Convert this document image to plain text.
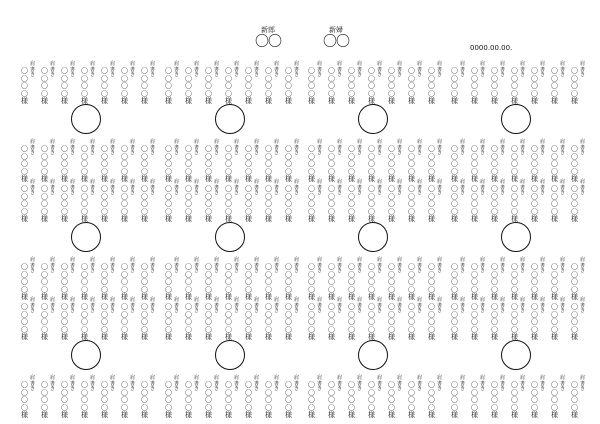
新郎
〇〇
新婦
〇〇	0000.00.00.
肩書き
〇〇〇〇様
肩書き
〇〇〇〇様
肩書き
〇〇〇〇様
肩書き
〇〇〇〇様
肩書き
〇〇〇〇様
肩書き
〇〇〇〇様
肩書き
〇〇〇〇様
肩書き
〇〇〇〇様
肩書き
〇〇〇〇様
肩書き
〇〇〇〇様
肩書き
〇〇〇〇様
肩書き
〇〇〇〇様
肩書き
〇〇〇〇様
肩書き
〇〇〇〇様
肩書き
〇〇〇〇様
肩書き
〇〇〇〇様
肩書き
〇〇〇〇様
肩書き
〇〇〇〇様
肩書き
〇〇〇〇様
肩書き
〇〇〇〇様
肩書き
〇〇〇〇様
肩書き
〇〇〇〇様
肩書き
〇〇〇〇様
肩書き
〇〇〇〇様
肩書き
〇〇〇〇様
肩書き
〇〇〇〇様
肩書き
〇〇〇〇様
肩書き
〇〇〇〇様
肩書き
〇〇〇〇様
肩書き
〇〇〇〇様
肩書き
〇〇〇〇様
肩書き
〇〇〇〇様
肩書き
〇〇〇〇様
肩書き
〇〇〇〇様
肩書き
〇〇〇〇様
肩書き
〇〇〇〇様
肩書き
〇〇〇〇様
肩書き
〇〇〇〇様
肩書き
〇〇〇〇様
肩書き
〇〇〇〇様
肩書き
〇〇〇〇様
肩書き
〇〇〇〇様
肩書き
〇〇〇〇様
肩書き
〇〇〇〇様
肩書き
〇〇〇〇様
肩書き
〇〇〇〇様
肩書き
〇〇〇〇様
肩書き
〇〇〇〇様
肩書き
〇〇〇〇様
肩書き
〇〇〇〇様
肩書き
〇〇〇〇様
肩書き
〇〇〇〇様
肩書き
〇〇〇〇様
肩書き
〇〇〇〇様
肩書き
〇〇〇〇様
肩書き
〇〇〇〇様
肩書き
〇〇〇〇様
肩書き
〇〇〇〇様
肩書き
〇〇〇〇様
肩書き
〇〇〇〇様
肩書き
〇〇〇〇様
肩書き
〇〇〇〇様
肩書き
〇〇〇〇様
肩書き
〇〇〇〇様
肩書き
〇〇〇〇様
肩書き
〇〇〇〇様
肩書き
〇〇〇〇様
肩書き
〇〇〇〇様
肩書き
〇〇〇〇様
肩書き
〇〇〇〇様
肩書き
〇〇〇〇様
肩書き
〇〇〇〇様
肩書き
〇〇〇〇様
肩書き
〇〇〇〇様
肩書き
〇〇〇〇様
肩書き
〇〇〇〇様
肩書き
〇〇〇〇様
肩書き
〇〇〇〇様
肩書き
〇〇〇〇様
肩書き
〇〇〇〇様
肩書き
〇〇〇〇様
肩書き
〇〇〇〇様
肩書き
〇〇〇〇様
肩書き
〇〇〇〇様
肩書き
〇〇〇〇様
肩書き
〇〇〇〇様
肩書き
〇〇〇〇様
肩書き
〇〇〇〇様
肩書き
〇〇〇〇様
肩書き
〇〇〇〇様
肩書き
〇〇〇〇様
肩書き
〇〇〇〇様
肩書き
〇〇〇〇様
肩書き
〇〇〇〇様
肩書き
〇〇〇〇様
肩書き
〇〇〇〇様
肩書き
〇〇〇〇様
肩書き
〇〇〇〇様
肩書き
〇〇〇〇様
肩書き
〇〇〇〇様
肩書き
〇〇〇〇様
肩書き
〇〇〇〇様
肩書き
〇〇〇〇様
肩書き
〇〇〇〇様
肩書き
〇〇〇〇様
肩書き
〇〇〇〇様
肩書き
〇〇〇〇様
肩書き
〇〇〇〇様
肩書き
〇〇〇〇様
肩書き
〇〇〇〇様
肩書き
〇〇〇〇様
肩書き
〇〇〇〇様
肩書き
〇〇〇〇様
肩書き
〇〇〇〇様
肩書き
〇〇〇〇様
肩書き
〇〇〇〇様
肩書き
〇〇〇〇様
肩書き
〇〇〇〇様
肩書き
〇〇〇〇様
肩書き
〇〇〇〇様
肩書き
〇〇〇〇様
肩書き
〇〇〇〇様
肩書き
〇〇〇〇様
肩書き
〇〇〇〇様
肩書き
〇〇〇〇様
肩書き
〇〇〇〇様
肩書き
〇〇〇〇様
肩書き
〇〇〇〇様
肩書き
〇〇〇〇様
肩書き
〇〇〇〇様
肩書き
〇〇〇〇様
肩書き
〇〇〇〇様
肩書き
〇〇〇〇様
肩書き
〇〇〇〇様
肩書き
〇〇〇〇様
肩書き
〇〇〇〇様
肩書き
〇〇〇〇様
肩書き
〇〇〇〇様
肩書き
〇〇〇〇様
肩書き
〇〇〇〇様
肩書き
〇〇〇〇様
肩書き
〇〇〇〇様
肩書き
〇〇〇〇様
肩書き
〇〇〇〇様
肩書き
〇〇〇〇様
肩書き
〇〇〇〇様
肩書き
〇〇〇〇様
肩書き
〇〇〇〇様
肩書き
〇〇〇〇様
肩書き
〇〇〇〇様
肩書き
〇〇〇〇様
肩書き
〇〇〇〇様
肩書き
〇〇〇〇様
肩書き
〇〇〇〇様
肩書き
〇〇〇〇様
肩書き
〇〇〇〇様
肩書き
〇〇〇〇様
肩書き
〇〇〇〇様
肩書き
〇〇〇〇様
肩書き
〇〇〇〇様
肩書き
〇〇〇〇様
肩書き
〇〇〇〇様
肩書き
〇〇〇〇様
肩書き
〇〇〇〇様
肩書き
〇〇〇〇様
肩書き
〇〇〇〇様
肩書き
〇〇〇〇様
肩書き
〇〇〇〇様
